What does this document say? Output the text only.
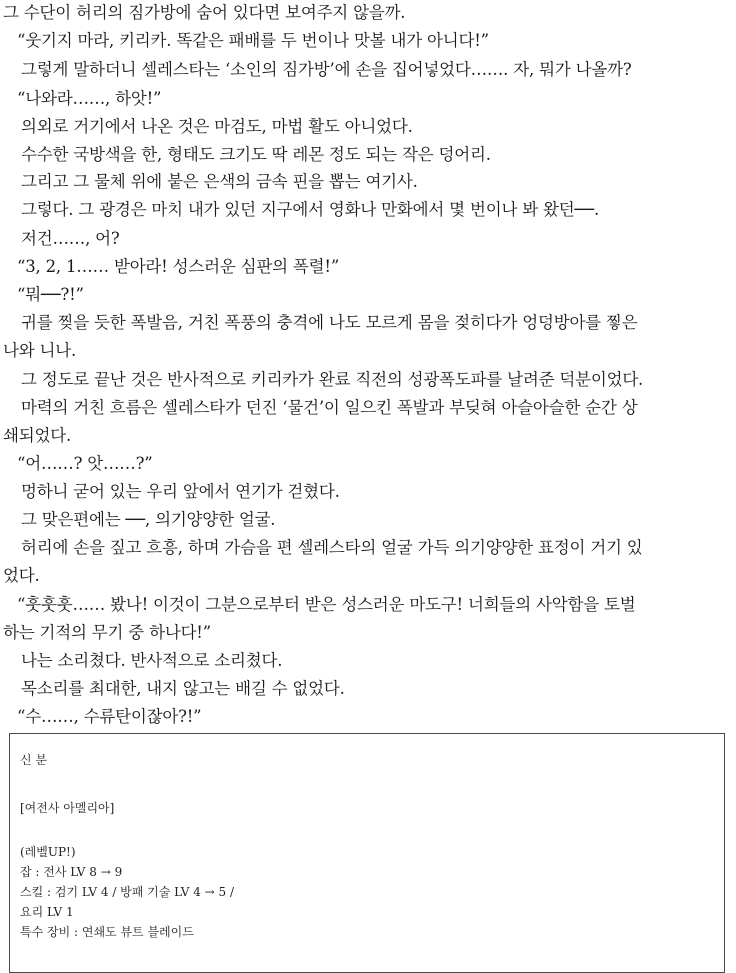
그 수단이 허리의 짐가방에 숨어 있다면 보여주지 않을까.
“웃기지 마라, 키리카. 똑같은 패배를 두 번이나 맛볼 내가 아니다!”
그렇게 말하더니 셀레스타는 ‘소인의 짐가방’에 손을 집어넣었다……. 자, 뭐가 나올까?
“나와라……, 하앗!”
의외로 거기에서 나온 것은 마검도, 마법 활도 아니었다.
수수한 국방색을 한, 형태도 크기도 딱 레몬 정도 되는 작은 덩어리.
그리고 그 물체 위에 붙은 은색의 금속 핀을 뽑는 여기사.
그렇다. 그 광경은 마치 내가 있던 지구에서 영화나 만화에서 몇 번이나 봐 왔던──.
저건……, 어?
“3, 2, 1…… 받아라! 성스러운 심판의 폭렬!”
“뭐──?!”
귀를 찢을 듯한 폭발음, 거친 폭풍의 충격에 나도 모르게 몸을 젖히다가 엉덩방아를 찧은
나와 니나.
그 정도로 끝난 것은 반사적으로 키리카가 완료 직전의 성광폭도파를 날려준 덕분이었다.
마력의 거친 흐름은 셀레스타가 던진 ‘물건’이 일으킨 폭발과 부딪혀 아슬아슬한 순간 상
쇄되었다.
“어……? 앗……?”
멍하니 굳어 있는 우리 앞에서 연기가 걷혔다.
그 맞은편에는 ──, 의기양양한 얼굴.
허리에 손을 짚고 흐흥, 하며 가슴을 편 셀레스타의 얼굴 가득 의기양양한 표정이 거기 있
었다.
“훗훗훗…… 봤나! 이것이 그분으로부터 받은 성스러운 마도구! 너희들의 사악함을 토벌
하는 기적의 무기 중 하나다!”
나는 소리쳤다. 반사적으로 소리쳤다.
목소리를 최대한, 내지 않고는 배길 수 없었다.
“수……, 수류탄이잖아?!”
신 분
[여전사 아멜리아]
(레벨UP!)
잡 : 전사 LV 8 → 9
스킬 : 검기 LV 4 / 방패 기술 LV 4 → 5 /
요리 LV 1
특수 장비 : 연쇄도 뷰트 블레이드
